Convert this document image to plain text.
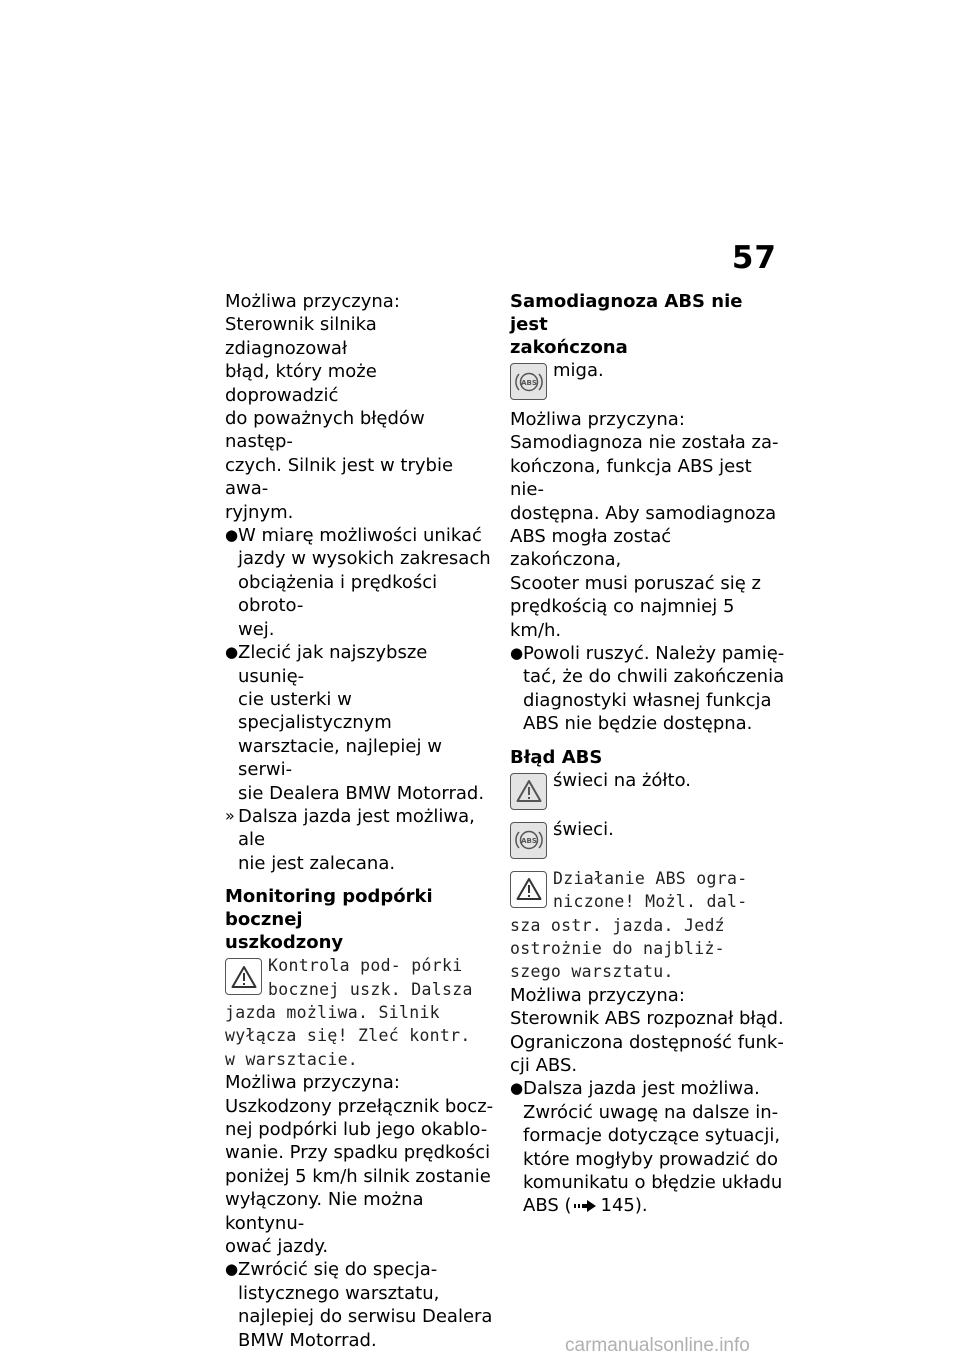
57

Możliwa przyczyna:

Sterownik silnika zdiagnozował

błąd, który może doprowadzić

do poważnych błędów następ-

czych. Silnik jest w trybie awa-

ryjnym.

● W miarę możliwości unikać

jazdy w wysokich zakresach

obciążenia i prędkości obroto-

wej.

● Zlecić jak najszybsze usunię-

cie usterki w specjalistycznym

warsztacie, najlepiej w serwi-

sie Dealera BMW Motorrad.

» Dalsza jazda jest możliwa, ale

nie jest zalecana.

Monitoring podpórki bocznej

uszkodzony

Kontrola pod- pórki

bocznej uszk. Dalsza

jazda możliwa. Silnik

wyłącza się! Zleć kontr.

w warsztacie.

Możliwa przyczyna:

Uszkodzony przełącznik bocz-

nej podpórki lub jego okablo-

wanie. Przy spadku prędkości

poniżej 5 km/h silnik zostanie

wyłączony. Nie można kontynu-

ować jazdy.

● Zwrócić się do specja-

listycznego warsztatu,

najlepiej do serwisu Dealera

BMW Motorrad.

Samodiagnoza ABS nie jest

zakończona

ABS

miga.

Możliwa przyczyna:

Samodiagnoza nie została za-

kończona, funkcja ABS jest nie-

dostępna. Aby samodiagnoza

ABS mogła zostać zakończona,

Scooter musi poruszać się z

prędkością co najmniej 5 km/h.

● Powoli ruszyć. Należy pamię-

tać, że do chwili zakończenia

diagnostyki własnej funkcja

ABS nie będzie dostępna.

Błąd ABS

świeci na żółto.

ABS

świeci.

Działanie ABS ogra-

niczone! Możl. dal-

sza ostr. jazda. Jedź

ostrożnie do najbliż-

szego warsztatu.

Możliwa przyczyna:

Sterownik ABS rozpoznał błąd.

Ograniczona dostępność funk-

cji ABS.

● Dalsza jazda jest możliwa.

Zwrócić uwagę na dalsze in-

formacje dotyczące sytuacji,

które mogłyby prowadzić do

komunikatu o błędzie układu

ABS ( 145).

carmanualsonline.info
